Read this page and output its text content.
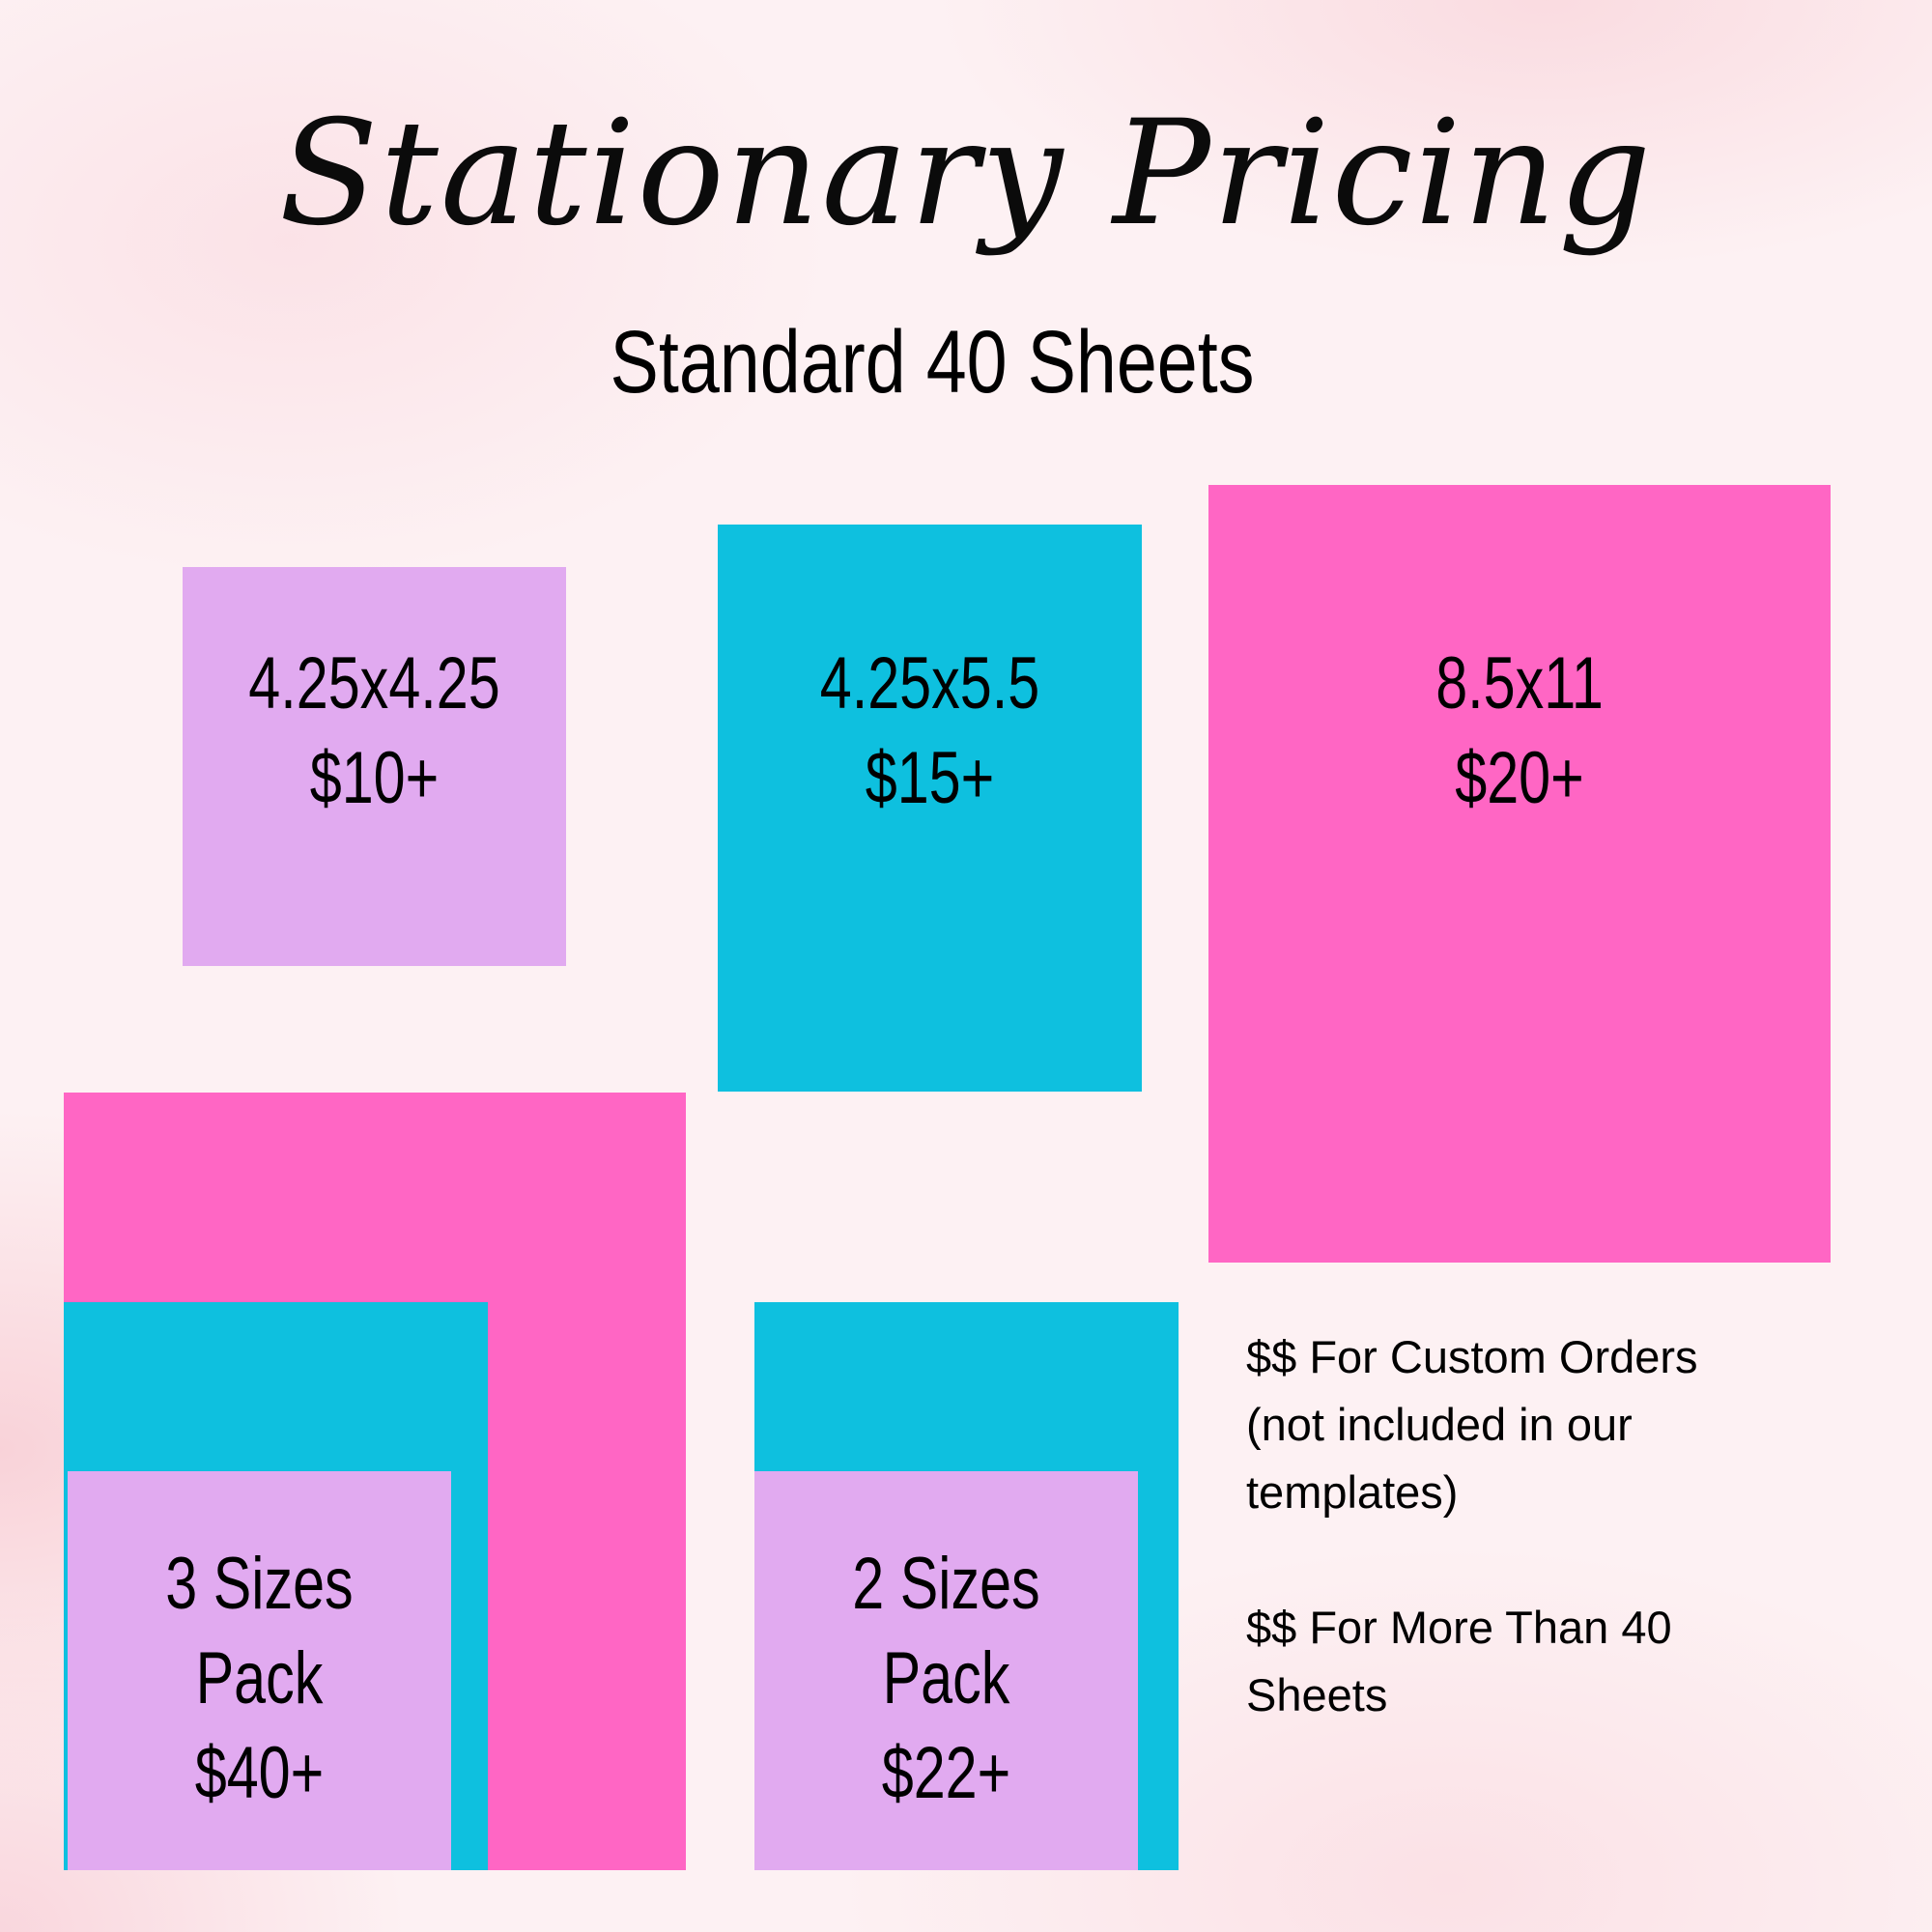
Stationary Pricing
Standard 40 Sheets
4.25x4.25
$10+
4.25x5.5
$15+
8.5x11
$20+
3 Sizes Pack
$40+
2 Sizes Pack
$22+
$$ For Custom Orders
(not included in our
templates)
$$ For More Than 40
Sheets
